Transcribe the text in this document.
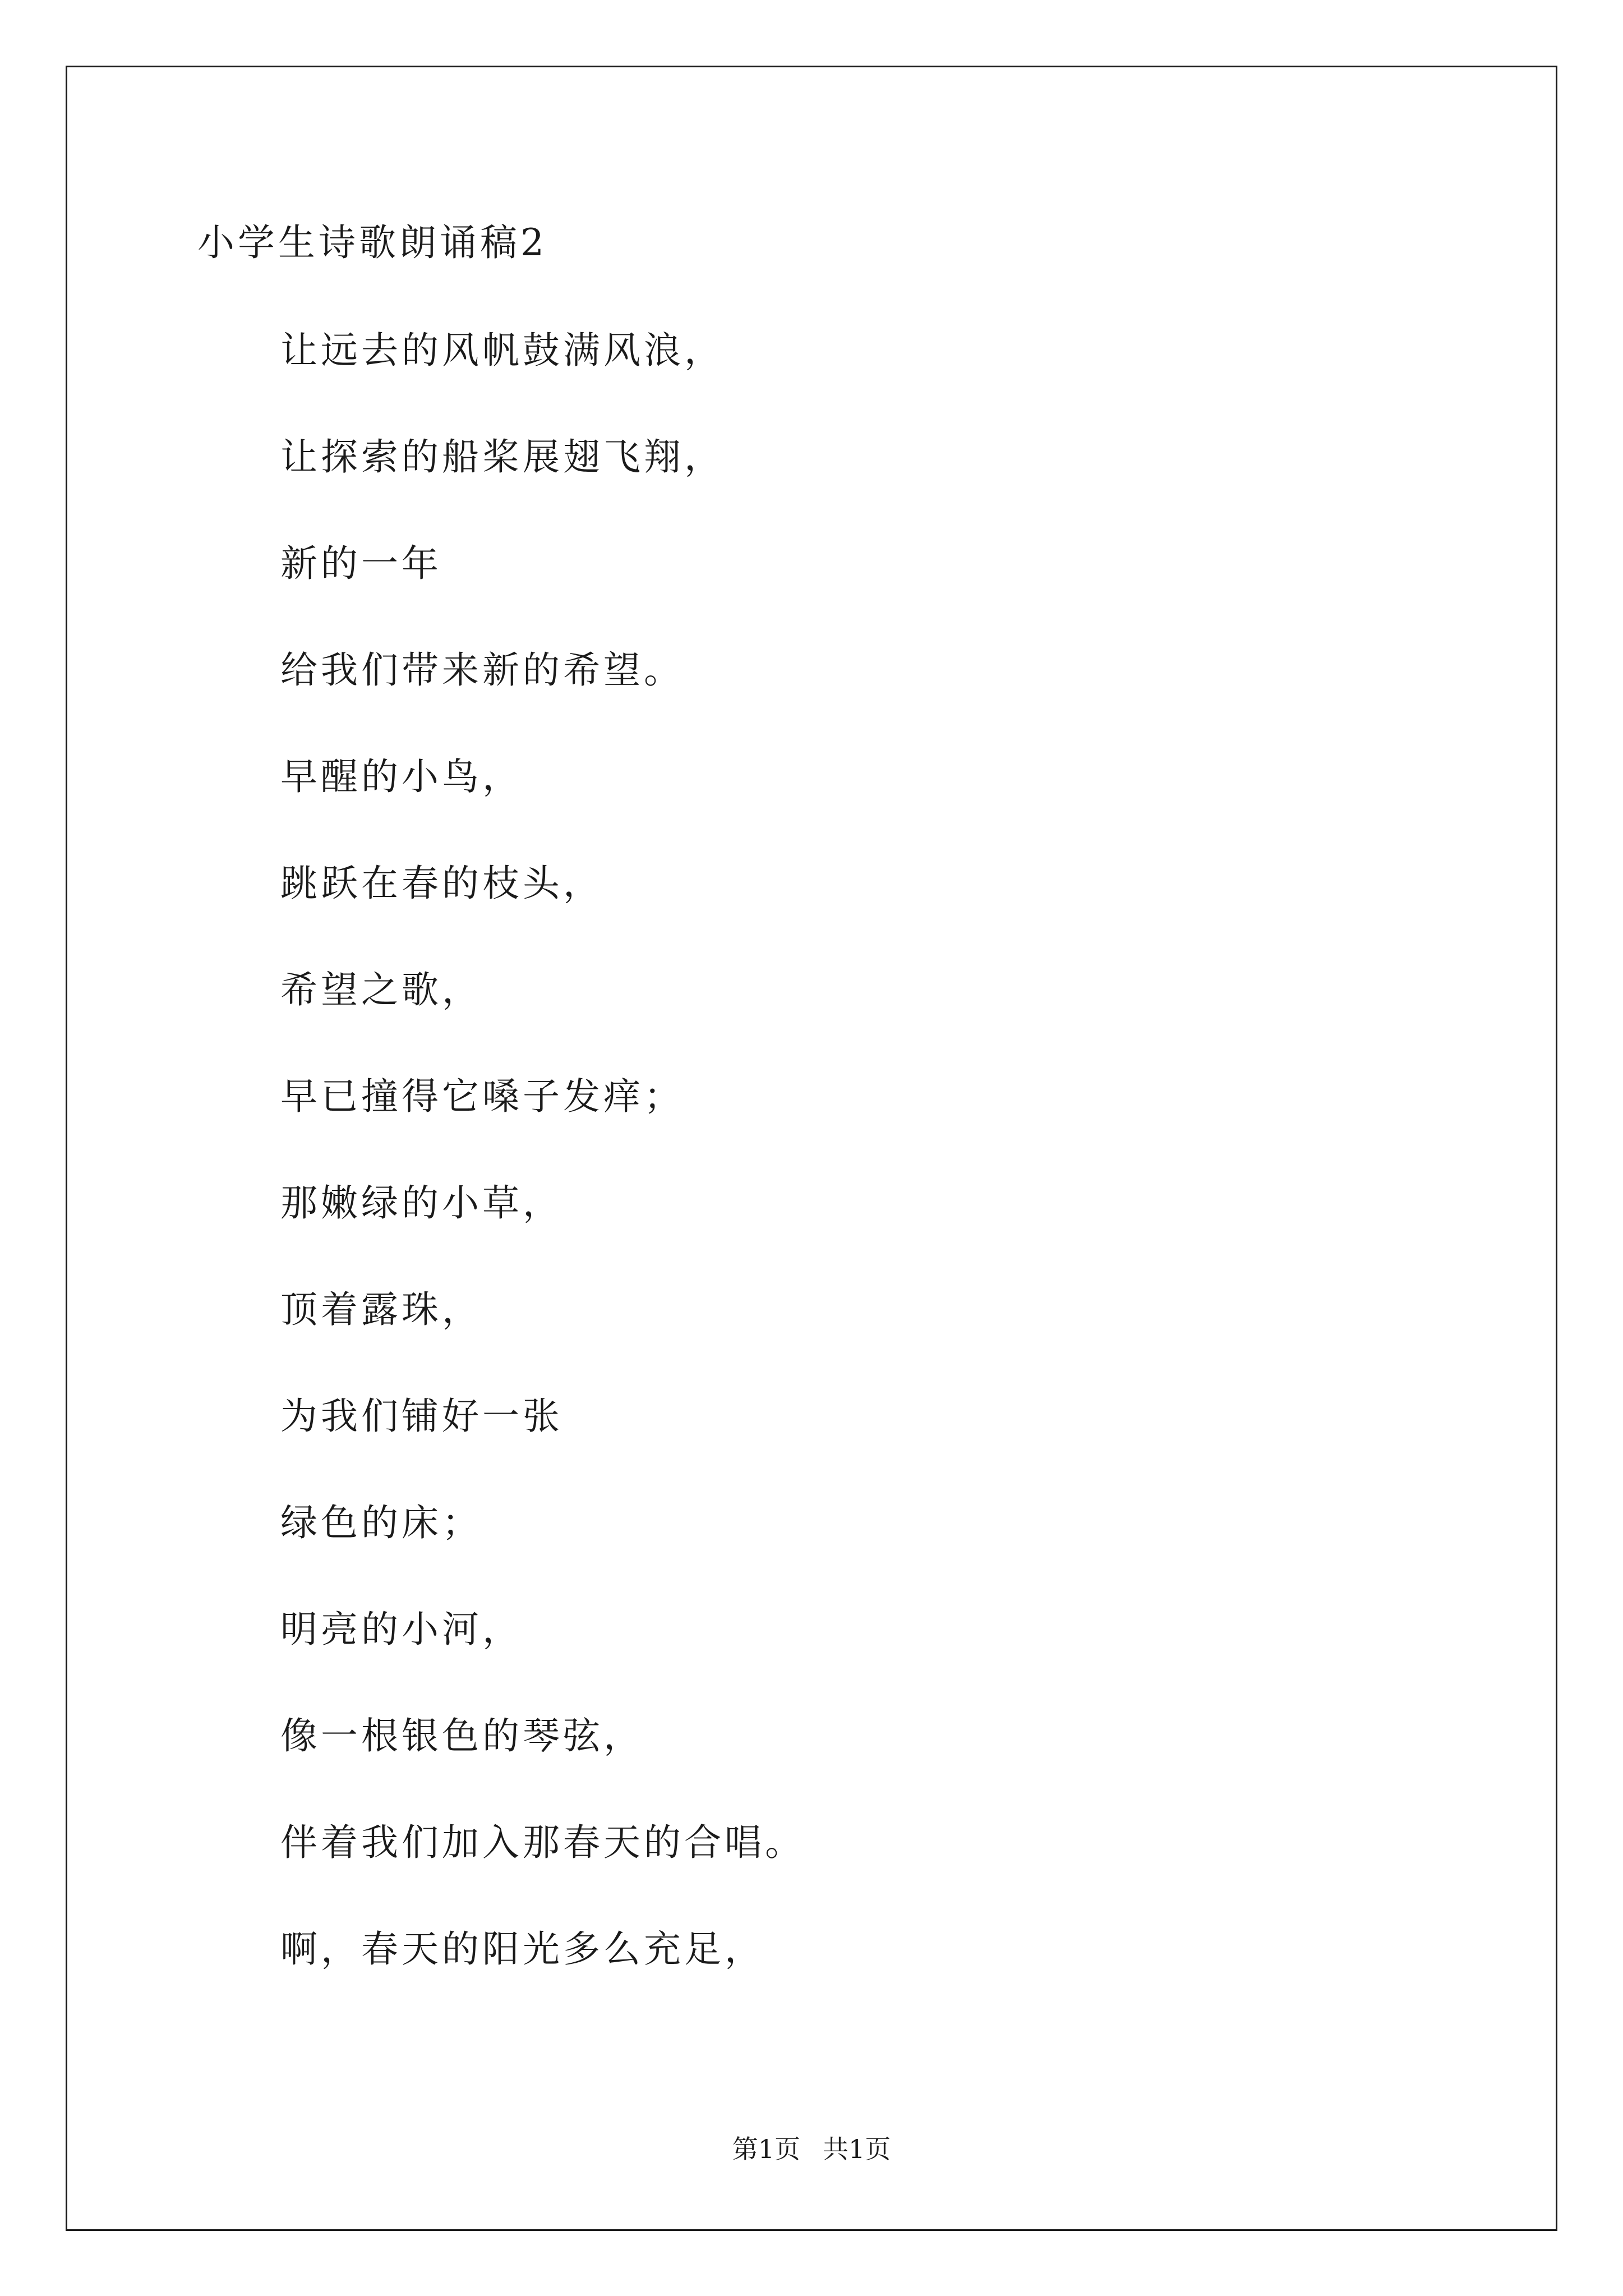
小学生诗歌朗诵稿2
让远去的风帆鼓满风浪，
让探索的船桨展翅飞翔，
新的一年
给我们带来新的希望。
早醒的小鸟，
跳跃在春的枝头，
希望之歌，
早已撞得它嗓子发痒；
那嫩绿的小草，
顶着露珠，
为我们铺好一张
绿色的床；
明亮的小河，
像一根银色的琴弦，
伴着我们加入那春天的合唱。
啊，春天的阳光多么充足，
第1页 共1页
